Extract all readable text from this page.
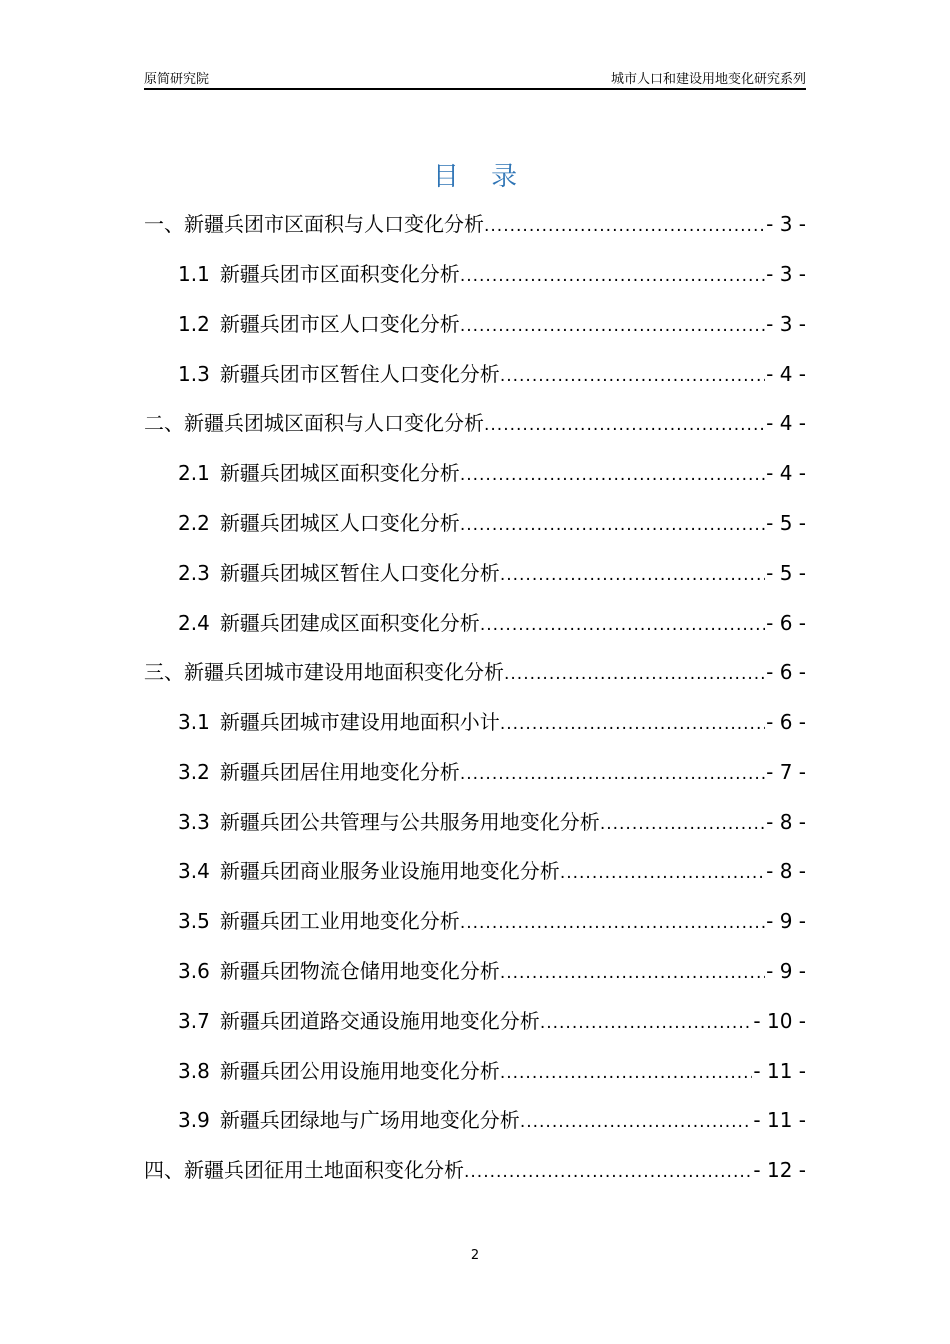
原简研究院	城市人口和建设用地变化研究系列
目 录
一、 新疆兵团市区面积与人口变化分析 .....	- 3 -
1.1 新疆兵团市区面积变化分析 .....	- 3 -
1.2 新疆兵团市区人口变化分析 .....	- 3 -
1.3 新疆兵团市区暂住人口变化分析 .....	- 4 -
二、 新疆兵团城区面积与人口变化分析 .....	- 4 -
2.1 新疆兵团城区面积变化分析 .....	- 4 -
2.2 新疆兵团城区人口变化分析 .....	- 5 -
2.3 新疆兵团城区暂住人口变化分析 .....	- 5 -
2.4 新疆兵团建成区面积变化分析 .....	- 6 -
三、 新疆兵团城市建设用地面积变化分析 .....	- 6 -
3.1 新疆兵团城市建设用地面积小计 .....	- 6 -
3.2 新疆兵团居住用地变化分析 .....	- 7 -
3.3 新疆兵团公共管理与公共服务用地变化分析 .....	- 8 -
3.4 新疆兵团商业服务业设施用地变化分析 .....	- 8 -
3.5 新疆兵团工业用地变化分析 .....	- 9 -
3.6 新疆兵团物流仓储用地变化分析 .....	- 9 -
3.7 新疆兵团道路交通设施用地变化分析 .....	- 10 -
3.8 新疆兵团公用设施用地变化分析 .....	- 11 -
3.9 新疆兵团绿地与广场用地变化分析 .....	- 11 -
四、 新疆兵团征用土地面积变化分析 .....	- 12 -
2
